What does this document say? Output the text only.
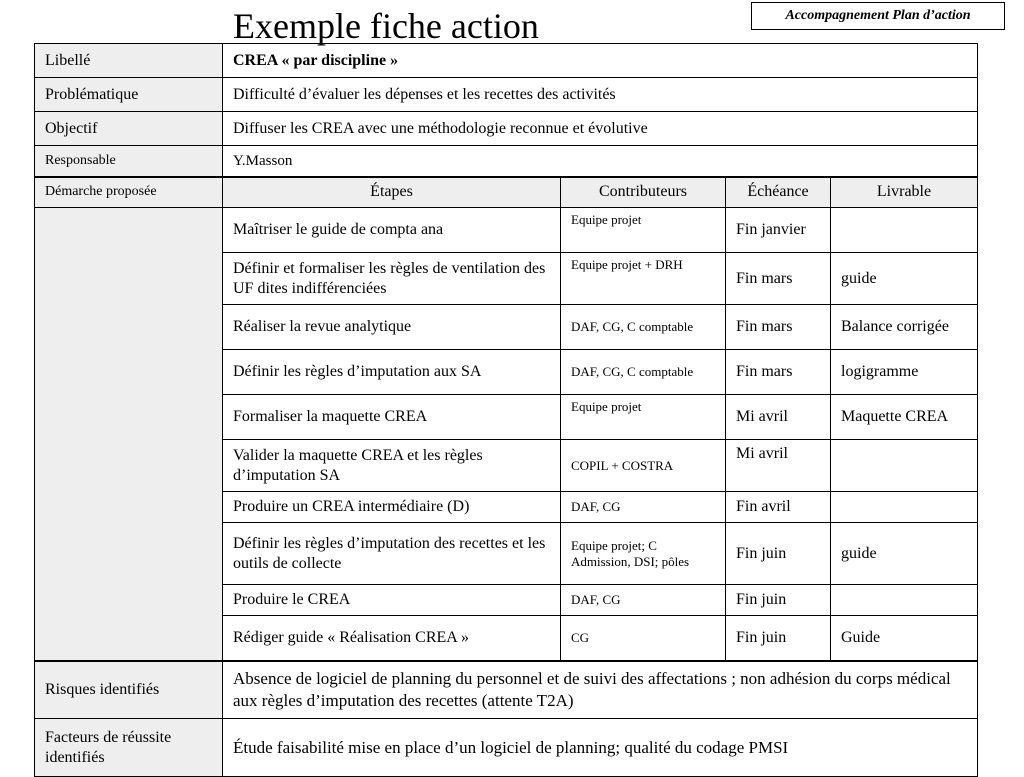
Exemple fiche action	Accompagnement Plan d’action
Libellé	CREA « par discipline »			
Problématique	Difficulté d’évaluer les dépenses et les recettes des activités			
Objectif	Diffuser les CREA avec une méthodologie reconnue et évolutive			
Responsable	Y.Masson			
Démarche proposée	Étapes	Contributeurs	Échéance	Livrable
	Maîtriser le guide de compta ana	Equipe projet	Fin janvier	
	Définir et formaliser les règles de ventilation des UF dites indifférenciées	Equipe projet + DRH	Fin mars	guide
	Réaliser la revue analytique	DAF, CG, C comptable	Fin mars	Balance corrigée
	Définir les règles d’imputation aux SA	DAF, CG, C comptable	Fin mars	logigramme
	Formaliser la maquette CREA	Equipe projet	Mi avril	Maquette CREA
	Valider la maquette CREA et les règles d’imputation SA	COPIL + COSTRA	Mi avril	
	Produire un CREA intermédiaire (D)	DAF, CG	Fin avril	
	Définir les règles d’imputation des recettes et les outils de collecte	Equipe projet; C Admission, DSI; pôles	Fin juin	guide
	Produire le CREA	DAF, CG	Fin juin	
	Rédiger guide « Réalisation CREA »	CG	Fin juin	Guide
Risques identifiés	Absence de logiciel de planning du personnel et de suivi des affectations ; non adhésion du corps médical aux règles d’imputation des recettes (attente T2A)			
Facteurs de réussite identifiés	Étude faisabilité mise en place d’un logiciel de planning; qualité du codage PMSI			
